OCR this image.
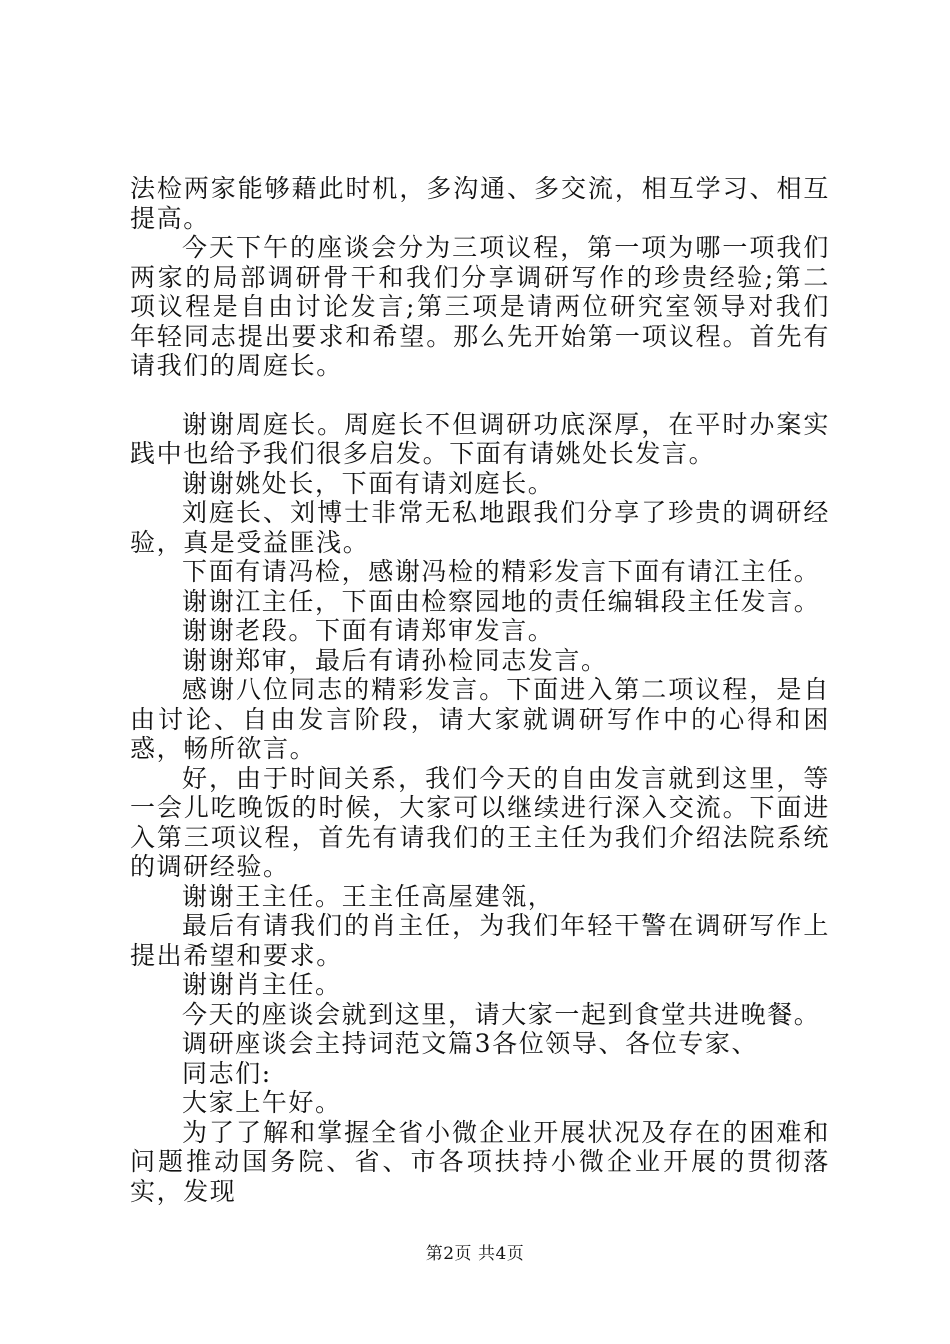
法检两家能够藉此时机，多沟通、多交流，相互学习、相互提高。

今天下午的座谈会分为三项议程，第一项为哪一项我们两家的局部调研骨干和我们分享调研写作的珍贵经验;第二项议程是自由讨论发言;第三项是请两位研究室领导对我们年轻同志提出要求和希望。那么先开始第一项议程。首先有请我们的周庭长。

谢谢周庭长。周庭长不但调研功底深厚，在平时办案实践中也给予我们很多启发。下面有请姚处长发言。

谢谢姚处长，下面有请刘庭长。

刘庭长、刘博士非常无私地跟我们分享了珍贵的调研经验，真是受益匪浅。

下面有请冯检，感谢冯检的精彩发言下面有请江主任。

谢谢江主任，下面由检察园地的责任编辑段主任发言。

谢谢老段。下面有请郑审发言。

谢谢郑审，最后有请孙检同志发言。

感谢八位同志的精彩发言。下面进入第二项议程，是自由讨论、自由发言阶段，请大家就调研写作中的心得和困惑，畅所欲言。

好，由于时间关系，我们今天的自由发言就到这里，等一会儿吃晚饭的时候，大家可以继续进行深入交流。下面进入第三项议程，首先有请我们的王主任为我们介绍法院系统的调研经验。

谢谢王主任。王主任高屋建瓴，

最后有请我们的肖主任，为我们年轻干警在调研写作上提出希望和要求。

谢谢肖主任。

今天的座谈会就到这里，请大家一起到食堂共进晚餐。

调研座谈会主持词范文篇3各位领导、各位专家、

同志们:

大家上午好。

为了了解和掌握全省小微企业开展状况及存在的困难和问题推动国务院、省、市各项扶持小微企业开展的贯彻落实，发现

第2页 共4页
